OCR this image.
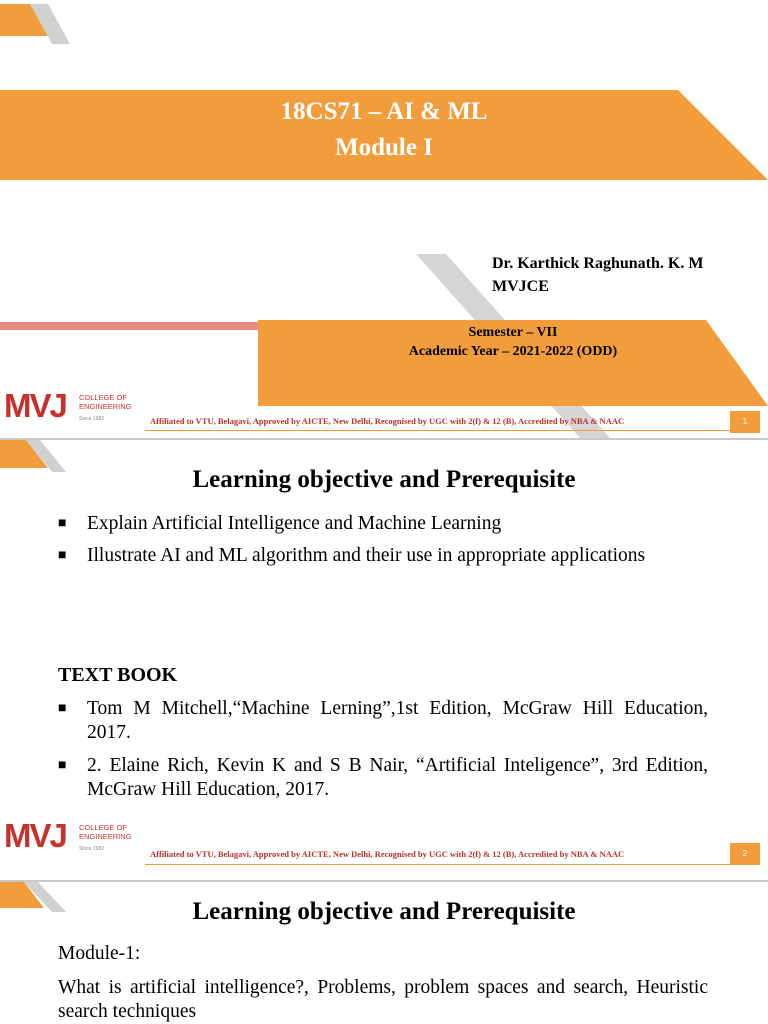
18CS71 – AI & ML
Module I
Dr. Karthick Raghunath. K. M
MVJCE
Semester – VII
Academic Year – 2021-2022 (ODD)
MVJ COLLEGE OF
ENGINEERING
Since 1982	Affiliated to VTU, Belagavi, Approved by AICTE, New Delhi, Recognised by UGC with 2(f) & 12 (B), Accredited by NBA & NAAC	1
Learning objective and Prerequisite
■ Explain Artificial Intelligence and Machine Learning
■ Illustrate AI and ML algorithm and their use in appropriate applications
TEXT BOOK
■ Tom M Mitchell,“Machine Lerning”,1st Edition, McGraw Hill Education, 2017.
■ 2. Elaine Rich, Kevin K and S B Nair, “Artificial Inteligence”, 3rd Edition, McGraw Hill Education, 2017.
MVJ COLLEGE OF
ENGINEERING
Since 1982	Affiliated to VTU, Belagavi, Approved by AICTE, New Delhi, Recognised by UGC with 2(f) & 12 (B), Accredited by NBA & NAAC	2
Learning objective and Prerequisite
Module-1:
What is artificial intelligence?, Problems, problem spaces and search, Heuristic search techniques
